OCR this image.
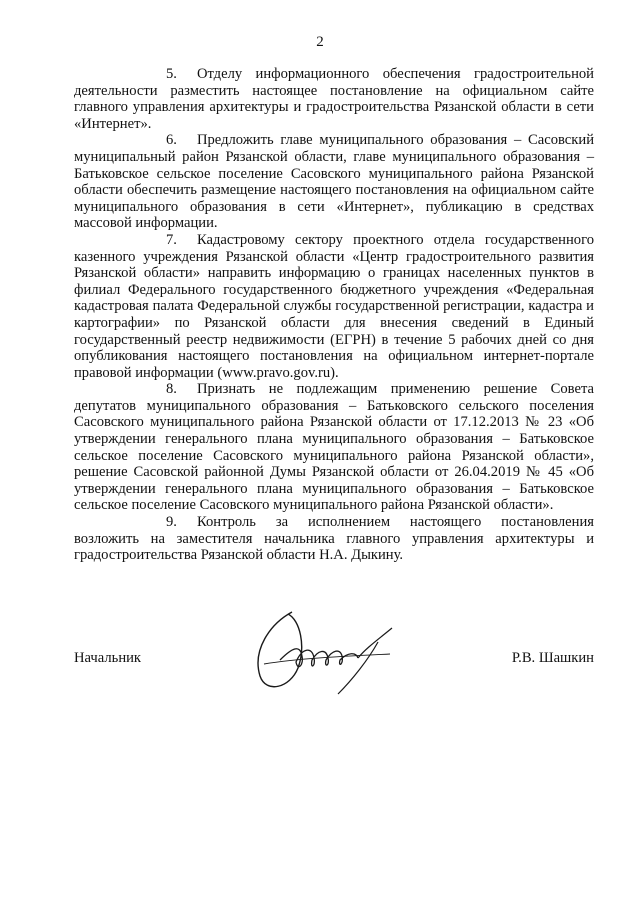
2

5. Отделу информационного обеспечения градостроительной деятельности разместить настоящее постановление на официальном сайте главного управления архитектуры и градостроительства Рязанской области в сети «Интернет».

6. Предложить главе муниципального образования – Сасовский муниципальный район Рязанской области, главе муниципального образования – Батьковское сельское поселение Сасовского муниципального района Рязанской области обеспечить размещение настоящего постановления на официальном сайте муниципального образования в сети «Интернет», публикацию в средствах массовой информации.

7. Кадастровому сектору проектного отдела государственного казенного учреждения Рязанской области «Центр градостроительного развития Рязанской области» направить информацию о границах населенных пунктов в филиал Федерального государственного бюджетного учреждения «Федеральная кадастровая палата Федеральной службы государственной регистрации, кадастра и картографии» по Рязанской области для внесения сведений в Единый государственный реестр недвижимости (ЕГРН) в течение 5 рабочих дней со дня опубликования настоящего постановления на официальном интернет-портале правовой информации (www.pravo.gov.ru).

8. Признать не подлежащим применению решение Совета депутатов муниципального образования – Батьковского сельского поселения Сасовского муниципального района Рязанской области от 17.12.2013 № 23 «Об утверждении генерального плана муниципального образования – Батьковское сельское поселение Сасовского муниципального района Рязанской области», решение Сасовской районной Думы Рязанской области от 26.04.2019 № 45 «Об утверждении генерального плана муниципального образования – Батьковское сельское поселение Сасовского муниципального района Рязанской области».

9. Контроль за исполнением настоящего постановления возложить на заместителя начальника главного управления архитектуры и градостроительства Рязанской области Н.А. Дыкину.

Начальник	Р.В. Шашкин
